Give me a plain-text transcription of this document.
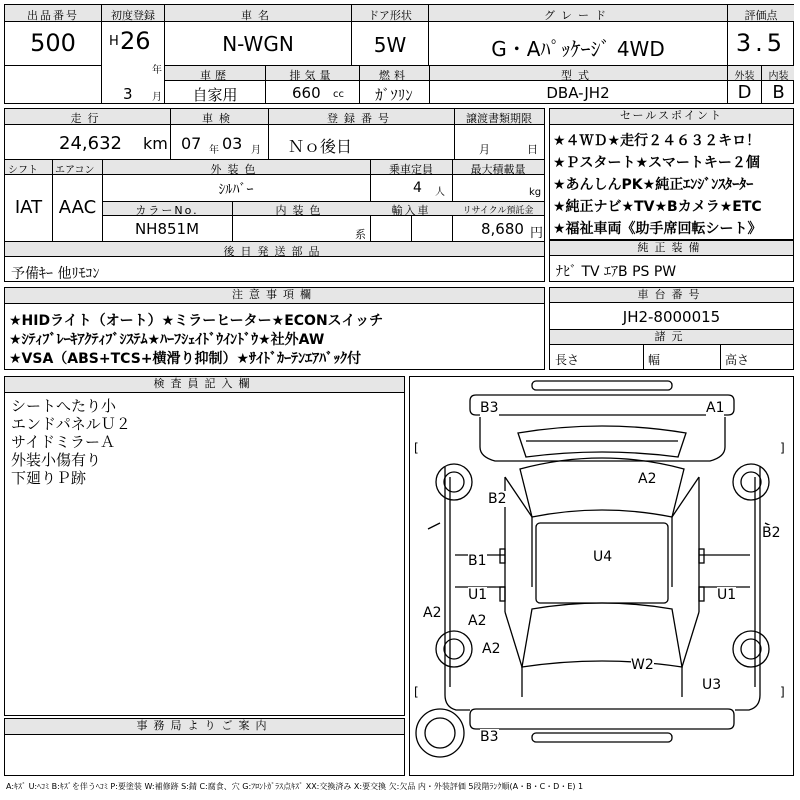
出品番号
500
初度登録
H 26
年
3 月
車名
N-WGN
ドア形状
5W
グレード
G・Aﾊﾟｯｹｰｼﾞ 4WD
評価点
3.5
車歴
自家用
排気量
660 cc
燃料
ｶﾞｿﾘﾝ
型式
DBA-JH2
外装	内装
D	B
走行
24,632 km
車検
07 年 03 月
登録番号
Ｎｏ後日
譲渡書類期限
月	日
シフト エアコン
IAT AAC
外装色
ｼﾙﾊﾞｰ
乗車定員
4 人
最大積載量
kg
カラーNo.
NH851M
内装色
系
輸入車	リサイクル預託金
8,680 円
後日発送部品
予備ｷｰ 他ﾘﾓｺﾝ
セールスポイント
★４ＷＤ★走行２４６３２キロ！
★Ｐスタート★スマートキー２個
★あんしんPK★純正ｴﾝｼﾞﾝｽﾀｰﾀｰ
★純正ナビ★TV★Bカメラ★ETC
★福祉車両《助手席回転シート》
純正装備
ﾅﾋﾞ TV ｴｱB PS PW
注意事項欄
★HIDライト（オート）★ミラーヒーター★ECONスイッチ
★ｼﾃｨﾌﾞﾚｰｷｱｸﾃｨﾌﾞｼｽﾃﾑ★ﾊｰﾌｼｪｲﾄﾞｳｲﾝﾄﾞｳ★社外AW
★VSA（ABS+TCS+横滑り抑制）★ｻｲﾄﾞｶｰﾃﾝｴｱﾊﾞｯｸ付
車台番号
JH2-8000015
諸元
長さ	幅	高さ
検査員記入欄
シートへたり小
エンドパネルＵ２
サイドミラーＡ
外装小傷有り
下廻りＰ跡
事務局よりご案内
[	]
[	]
B3	A1
A2
B2
B2
B1	U4
U1	U1
A2 A2
A2
W2
U3
B3
A:ｷｽﾞ U:ﾍｺﾐ B:ｷｽﾞを伴うﾍｺﾐ P:要塗装 W:補修跡 S:錆 C:腐食、穴 G:ﾌﾛﾝﾄｶﾞﾗｽ点ｷｽﾞ XX:交換済み X:要交換 欠:欠品 内・外装評価 5段階ﾗﾝｸ順(A・B・C・D・E) 1
